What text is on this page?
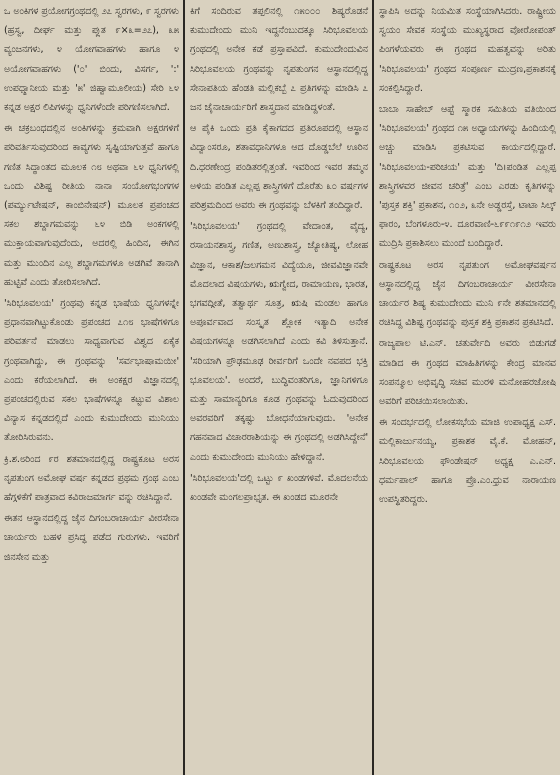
ಒ ಅಂಕಿಗಳ ಪ್ರಯೋಗಗ್ರಂಥದಲ್ಲಿ ೨೭ ಸ್ವರಗಳು, ೯ ಸ್ವರಗಳು (ಹ್ರಸ್ವ, ದೀರ್ಘ ಮತ್ತು ಪ್ಲುತ ೯×೩=೨೭), ೩೫ ವ್ಯಂಜನಗಳು, ೪ ಯೋಗವಾಹಗಳು ಹಾಗೂ ೪ ಅಯೋಗವಾಹಗಳು ('೦' ಬಿಂದು, ವಿಸರ್ಗ, ':' ಉಪಧ್ಮಾನೀಯ ಮತ್ತು '೫' ಜಿಹ್ವಾಮೂಲೀಯ) ಸೇರಿ ೬೪ ಕನ್ನಡ ಅಕ್ಷರ ಲಿಪಿಗಳನ್ನು ಧ್ವನಿಗಳೆಂದೇ ಪರಿಗಣಿಸಲಾಗಿದೆ.

ಈ ಚಕ್ರಬಂಧದಲ್ಲಿನ ಅಂಕಿಗಳನ್ನು ಕ್ರಮವಾಗಿ ಅಕ್ಷರಗಳಿಗೆ ಪರಿವರ್ತಿಸುವುದರಿಂದ ಕಾವ್ಯಗಳು ಸೃಷ್ಟಿಯಾಗುತ್ತವೆ ಹಾಗೂ ಗಣಿತ ಸಿದ್ಧಾಂತದ ಮೂಲಕ ೧೮ ಅಥವಾ ೬೪ ಧ್ವನಿಗಳಲ್ಲಿ ಒಂದು ವಿಶಿಷ್ಟ ರೀತಿಯ ನಾನಾ ಸಂಯೋಗಭಂಗಗಳ (ಪರ್ಮ್ಯುಟೇಷನ್, ಕಾಂಬಿನೇಷನ್) ಮೂಲಕ ಪ್ರಪಂಚದ ಸಕಲ ಶಬ್ದಾಗಮವನ್ನು ೬೪ ಬಿಡಿ ಅಂಕಗಳಲ್ಲಿ ಮುಕ್ತಾಯವಾಗುವುದೆಂದು, ಅದರಲ್ಲಿ ಹಿಂದಿನ, ಈಗಿನ ಮತ್ತು ಮುಂದಿನ ಎಲ್ಲ ಶಬ್ದಾಗಮಗಳೂ ಅಡಗಿವೆ ತಾನಾಗಿ ಹುಟ್ಟಿವೆ ಎಂದು ತೋರಿಸಲಾಗಿದೆ.

'ಸಿರಿಭೂವಲಯ' ಗ್ರಂಥವು ಕನ್ನಡ ಭಾಷೆಯ ಧ್ವನಿಗಳನ್ನೇ ಪ್ರಧಾನವಾಗಿಟ್ಟುಕೊಂಡು ಪ್ರಪಂಚದ ೭೧೮ ಭಾಷೆಗಳಿಗೂ ಪರಿವರ್ತನೆ ಮಾಡಲು ಸಾಧ್ಯವಾಗುವ ವಿಶ್ವದ ಏಕೈಕ ಗ್ರಂಥವಾಗಿದ್ದು, ಈ ಗ್ರಂಥವನ್ನು 'ಸರ್ವಭಾಷಾಮಯೀ' ಎಂದು ಕರೆಯಲಾಗಿದೆ. ಈ ಅಂಕಕ್ಷರ ವಿಜ್ಞಾನದಲ್ಲಿ ಪ್ರಪಂಚದಲ್ಲಿರುವ ಸಕಲ ಭಾಷೆಗಳನ್ನೂ ಕಟ್ಟುವ ವಿಶಾಲ ವಿನ್ಯಾಸ ಕನ್ನಡದಲ್ಲಿದೆ ಎಂದು ಕುಮುದೇಂದು ಮುನಿಯು ತೋರಿಸಿರುವನು.

ಕ್ರಿ.ಶ.೮ರಿಂದ ೯ರ ಶತಮಾನದಲ್ಲಿದ್ದ ರಾಷ್ಟ್ರಕೂಟ ಅರಸ ನೃಪತುಂಗ ಅಮೋಘ ವರ್ಷ ಕನ್ನಡದ ಪ್ರಥಮ ಗ್ರಂಥ ಎಂಬ ಹೆಗ್ಗಳಿಕೆಗೆ ಪಾತ್ರವಾದ ಕವಿರಾಜಮಾರ್ಗ ವನ್ನು ರಚಿಸಿದ್ದಾನೆ.

ಈತನ ಆಸ್ಥಾನದಲ್ಲಿದ್ದ ಜೈನ ದಿಗಂಬರಾಚಾರ್ಯ ವೀರಸೇನಾ ಚಾರ್ಯರು ಬಹಳ ಪ್ರಸಿದ್ಧ ಪಡೆದ ಗುರುಗಳು. ಇವರಿಗೆ ಜಿನಸೇನ ಮತ್ತು

ಕಿಗೆ ಸಂದಿರುವ ತಪ್ಪಲಿನಲ್ಲಿ ೧೫೦೦೦ ಶಿಷ್ಯರೊಡನೆ ಕುಮುದೇಂದು ಮುನಿ ಇದ್ದನೆಂಬುದಕ್ಕೂ ಸಿರಿಭೂವಲಯ ಗ್ರಂಥದಲ್ಲಿ ಅನೇಕ ಕಡೆ ಪ್ರಸ್ತಾಪವಿದೆ. ಕುಮುದೇಂದುವಿನ ಸಿರಿಭೂವಲಯ ಗ್ರಂಥವನ್ನು ನೃಪತುಂಗನ ಆಸ್ಥಾನದಲ್ಲಿದ್ದ ಸೇನಾಪತಿಯ ಹೆಂಡತಿ ಮಲ್ಲಿಕಬ್ಬೆ ೭ ಪ್ರತಿಗಳನ್ನು ಮಾಡಿಸಿ ೭ ಜನ ಜೈನಾಚಾರ್ಯರಿಗೆ ಶಾಸ್ತ್ರದಾನ ಮಾಡಿದ್ದಳಂತೆ.

ಆ ಪೈಕಿ ಒಂದು ಪ್ರತಿ ಕೈಕಾಗದದ ಪ್ರತಿರೂಪದಲ್ಲಿ ಆಸ್ಥಾನ ವಿದ್ವಾಂಸರೂ, ಶತಾವಧಾನಿಗಳೂ ಆದ ದೊಡ್ಡಬೆಲೆ ಊರಿನ ದಿ.ಧರಣೇಂದ್ರ ಪಂಡಿತರಲ್ಲಿತ್ತಂತೆ. ಇವರಿಂದ ಇವರ ತಮ್ಮನ ಅಳಿಯ ಪಂಡಿತ ಎಲ್ಲಪ್ಪ ಶಾಸ್ತ್ರಿಗಳಿಗೆ ದೊರೆತು ೩೦ ವರ್ಷಗಳ ಪರಿಶ್ರಮದಿಂದ ಅವರು ಈ ಗ್ರಂಥವನ್ನು ಬೆಳಕಿಗೆ ತಂದಿದ್ದಾರೆ.

'ಸಿರಿಭೂವಲಯ' ಗ್ರಂಥದಲ್ಲಿ ವೇದಾಂತ, ವೈದ್ಯ, ರಸಾಯನಶಾಸ್ತ್ರ, ಗಣಿತ, ಅಣುಶಾಸ್ತ್ರ, ಜ್ಯೋತಿಷ್ಯ, ಲೋಹ ವಿಜ್ಞಾನ, ಆಕಾಶ/ಜಲಗಮನ ವಿದ್ಯೆಯೂ, ಜೀವವಿಜ್ಞಾನವೇ ಮೊದಲಾದ ವಿಷಯಗಳು, ಋಗ್ವೇದ, ರಾಮಾಯಣ, ಭಾರತ, ಭಗವದ್ಗೀತೆ, ತತ್ವಾರ್ಥ ಸೂತ್ರ, ಋಷಿ ಮಂಡಲ ಹಾಗೂ ಅಪೂರ್ವವಾದ ಸಂಸ್ಕೃತ ಶ್ಲೋಕ ಇತ್ಯಾದಿ ಅನೇಕ ವಿಷಯಗಳನ್ನೂ ಅಡಗಿಸಲಾಗಿದೆ ಎಂದು ಕವಿ ತಿಳಿಸುತ್ತಾನೆ. 'ಸರಿಯಾಗಿ ಪ್ರೌಢಮೂಢ ರೀರ್ವರಿಗೆ ಒಂದೇ ನವಪದ ಭಕ್ತಿ ಭೂವಲಯ'. ಅಂದರೆ, ಬುದ್ಧಿವಂತರಿಗೂ, ಜ್ಞಾನಿಗಳಿಗೂ ಮತ್ತು ಸಾಮಾನ್ಯರಿಗೂ ಕೂಡ ಗ್ರಂಥವನ್ನು ಓದುವುದರಿಂದ ಅವರವರಿಗೆ ತಕ್ಕಷ್ಟು ಬೋಧನೆಯಾಗುವುದು. 'ಅನೇಕ ಗಹನವಾದ ವಿಚಾರರಾಶಿಯನ್ನು ಈ ಗ್ರಂಥದಲ್ಲಿ ಅಡಗಿಸಿದ್ದೇನೆ' ಎಂದು ಕುಮುದೇಂದು ಮುನಿಯು ಹೇಳಿದ್ದಾನೆ.

'ಸಿರಿಭೂವಲಯ'ದಲ್ಲಿ ಒಟ್ಟು ೯ ಖಂಡಗಳಿವೆ. ಮೊದಲನೆಯ ಖಂಡವೇ ಮಂಗಲಪ್ರಾಭೃತ. ಈ ಖಂಡದ ಮೂರನೇ

ಸ್ಥಾಪಿಸಿ ಅದನ್ನು ನಿಯಮಿತ ಸಂಸ್ಥೆಯಾಗಿಸಿದರು. ರಾಷ್ಟ್ರೀಯ ಸ್ವಯಂ ಸೇವಕ ಸಂಸ್ಥೆಯ ಮುಖ್ಯಸ್ಥರಾದ ವೋರೋಪಂತ್ ಪಿಂಗಳೆಯವರು ಈ ಗ್ರಂಥದ ಮಹತ್ವವನ್ನು ಅರಿತು 'ಸಿರಿಭೂವಲಯ' ಗ್ರಂಥದ ಸಂಪೂರ್ಣ ಮುದ್ರಣ,ಪ್ರಕಾಶನಕ್ಕೆ ಸಂಕಲ್ಪಿಸಿದ್ದಾರೆ.

ಬಾಬಾ ಸಾಹೇಬ್ ಆಪ್ಟೆ ಸ್ಮಾರಕ ಸಮಿತಿಯ ವತಿಯಿಂದ 'ಸಿರಿಭೂವಲಯ' ಗ್ರಂಥದ ೧೫ ಅಧ್ಯಾಯಗಳನ್ನು ಹಿಂದಿಯಲ್ಲಿ ಅಚ್ಚು ಮಾಡಿಸಿ ಪ್ರಕಟಿಸುವ ಕಾರ್ಯದಲ್ಲಿದ್ದಾರೆ. 'ಸಿರಿಭೂವಲಯ-ಪರಿಚಯ' ಮತ್ತು 'ದಿ।ಪಂಡಿತ ಎಲ್ಲಪ್ಪ ಶಾಸ್ತ್ರಿಗಳವರ ಜೀವನ ಚರಿತ್ರೆ' ಎಂಬ ಎರಡು ಕೃತಿಗಳನ್ನು 'ಪುಸ್ತಕ ಶಕ್ತಿ' ಪ್ರಕಾಶನ, ೧೦೨, ೩ನೇ ಅಡ್ಡರಸ್ತೆ, ಟಾಟಾ ಸಿಲ್ಕ್ ಫಾರಂ, ಬೆಂಗಳೂರು-೪. ದೂರವಾಣಿ-೬೯೯೧೯೧೨ ಇವರು ಮುದ್ರಿಸಿ ಪ್ರಕಾಶಿಸಲು ಮುಂದೆ ಬಂದಿದ್ದಾರೆ.

ರಾಷ್ಟ್ರಕೂಟ ಅರಸ ನೃಪತುಂಗ ಅಮೋಘವರ್ಷನ ಆಸ್ಥಾನದಲ್ಲಿದ್ದ ಜೈನ ದಿಗಂಬರಾಚಾರ್ಯ ವೀರಸೇನಾ ಚಾರ್ಯರ ಶಿಷ್ಯ ಕುಮುದೇಂದು ಮುನಿ ೯ನೇ ಶತಮಾನದಲ್ಲಿ ರಚಿಸಿದ್ದ ವಿಶಿಷ್ಟ ಗ್ರಂಥವನ್ನು ಪುಸ್ತಕ ಶಕ್ತಿ ಪ್ರಕಾಶನ ಪ್ರಕಟಿಸಿದೆ.

ರಾಜ್ಯಪಾಲ ಟಿ.ಎನ್. ಚತುರ್ವೇದಿ ಅವರು ಬಿಡುಗಡೆ ಮಾಡಿದ ಈ ಗ್ರಂಥದ ಮಾಹಿತಿಗಳನ್ನು ಕೇಂದ್ರ ಮಾನವ ಸಂಪನ್ಮೂಲ ಅಭಿವೃದ್ಧಿ ಸಚಿವ ಮುರಳಿ ಮನೋಹರಜೋಷಿ ಅವರಿಗೆ ಪರಿಚಯಿಸಲಾಯಿತು.

ಈ ಸಂದರ್ಭದಲ್ಲಿ ಲೋಕಸಭೆಯ ಮಾಜಿ ಉಪಾಧ್ಯಕ್ಷ ಎಸ್. ಮಲ್ಲಿಕಾರ್ಜುನಯ್ಯ, ಪ್ರಕಾಶಕ ವೈ.ಕೆ. ಮೋಹನ್, ಸಿರಿಭೂವಲಯ ಫೌಂಡೇಷನ್ ಅಧ್ಯಕ್ಷ ಎ.ಎನ್. ಧರ್ಮಪಾಲ್ ಹಾಗೂ ಪ್ರೊ.ಎಂ.ಧ್ರುವ ನಾರಾಯಣ ಉಪಸ್ಥಿತರಿದ್ದರು.
